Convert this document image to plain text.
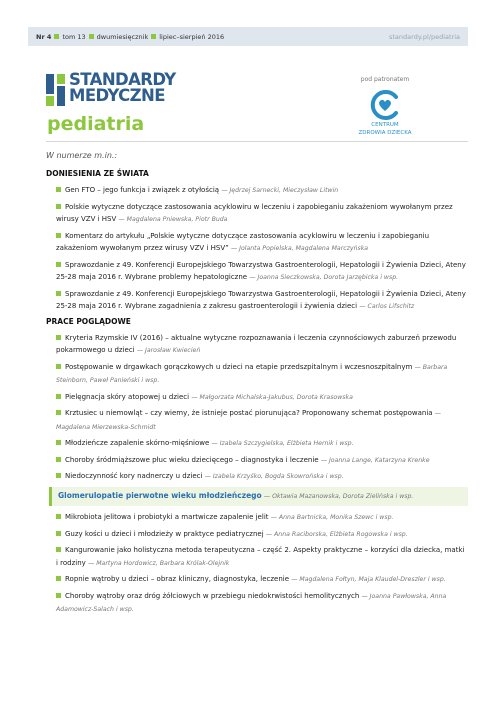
Nr 4 tom 13 dwumiesięcznik lipiec–sierpień 2016	standardy.pl/pediatria
STANDARDY
MEDYCZNE
pediatria
pod patronatem
CENTRUM
ZDROWIA DZIECKA
W numerze m.in.:
DONIESIENIA ZE ŚWIATA
Gen FTO – jego funkcja i związek z otyłością — Jędrzej Sarnecki, Mieczysław Litwin
Polskie wytyczne dotyczące zastosowania acyklowiru w leczeniu i zapobieganiu zakażeniom wywołanym przez wirusy VZV i HSV — Magdalena Pniewska, Piotr Buda
Komentarz do artykułu „Polskie wytyczne dotyczące zastosowania acyklowiru w leczeniu i zapobieganiu zakażeniom wywołanym przez wirusy VZV i HSV” — Jolanta Popielska, Magdalena Marczyńska
Sprawozdanie z 49. Konferencji Europejskiego Towarzystwa Gastroenterologii, Hepatologii i Żywienia Dzieci, Ateny 25-28 maja 2016 r. Wybrane problemy hepatologiczne — Joanna Sieczkowska, Dorota Jarzębicka i wsp.
Sprawozdanie z 49. Konferencji Europejskiego Towarzystwa Gastroenterologii, Hepatologii i Żywienia Dzieci, Ateny 25-28 maja 2016 r. Wybrane zagadnienia z zakresu gastroenterologii i żywienia dzieci — Carlos Lifschitz
PRACE POGLĄDOWE
Kryteria Rzymskie IV (2016) – aktualne wytyczne rozpoznawania i leczenia czynnościowych zaburzeń przewodu pokarmowego u dzieci — Jarosław Kwiecień
Postępowanie w drgawkach gorączkowych u dzieci na etapie przedszpitalnym i wczesnoszpitalnym — Barbara Steinborn, Paweł Panieński i wsp.
Pielęgnacja skóry atopowej u dzieci — Małgorzata Michalska-Jakubus, Dorota Krasowska
Krztusiec u niemowląt – czy wiemy, że istnieje postać piorunująca? Proponowany schemat postępowania — Magdalena Mierzewska-Schmidt
Młodzieńcze zapalenie skórno-mięśniowe — Izabela Szczygielska, Elżbieta Hernik i wsp.
Choroby śródmiąższowe płuc wieku dziecięcego – diagnostyka i leczenie — Joanna Lange, Katarzyna Krenke
Niedoczynność kory nadnerczy u dzieci — Izabela Krzyśko, Bogda Skowrońska i wsp.
Glomerulopatie pierwotne wieku młodzieńczego — Oktawia Mazanowska, Dorota Zielińska i wsp.
Mikrobiota jelitowa i probiotyki a martwicze zapalenie jelit — Anna Bartnicka, Monika Szewc i wsp.
Guzy kości u dzieci i młodzieży w praktyce pediatrycznej — Anna Raciborska, Elżbieta Rogowska i wsp.
Kangurowanie jako holistyczna metoda terapeutyczna – część 2. Aspekty praktyczne – korzyści dla dziecka, matki i rodziny — Martyna Hordowicz, Barbara Królak-Olejnik
Ropnie wątroby u dzieci – obraz kliniczny, diagnostyka, leczenie — Magdalena Fołtyn, Maja Klaudel-Dreszler i wsp.
Choroby wątroby oraz dróg żółciowych w przebiegu niedokrwistości hemolitycznych — Joanna Pawłowska, Anna Adamowicz-Salach i wsp.
